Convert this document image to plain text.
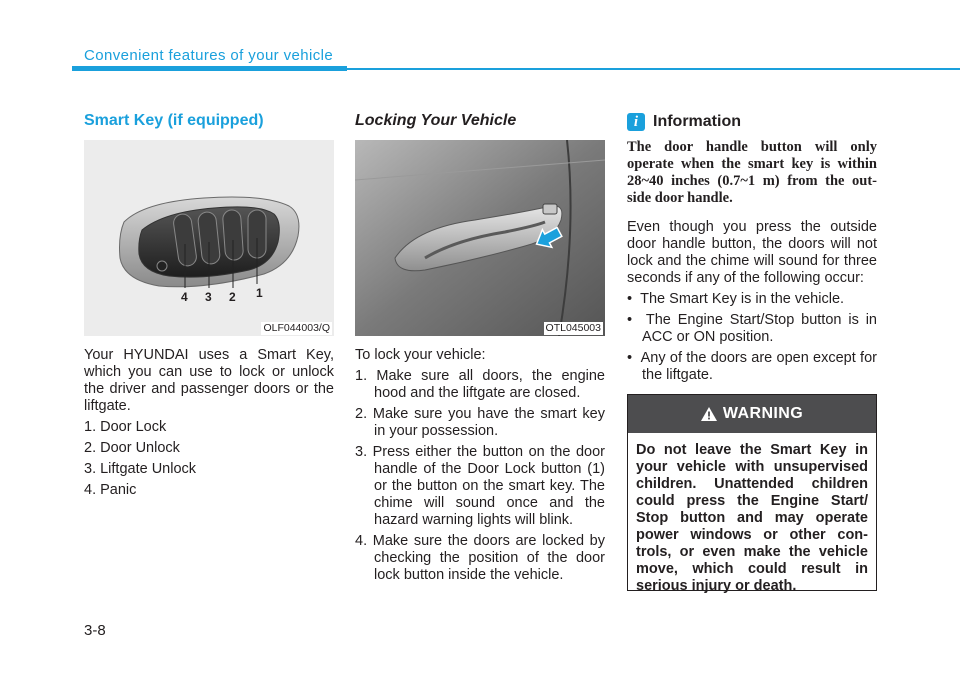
Convenient features of your vehicle
Smart Key (if equipped)
4 3 2 1
OLF044003/Q
Your HYUNDAI uses a Smart Key, which you can use to lock or unlock the driver and passenger doors or the liftgate.
1. Door Lock
2. Door Unlock
3. Liftgate Unlock
4. Panic
Locking Your Vehicle
OTL045003
To lock your vehicle:
1. Make sure all doors, the engine hood and the liftgate are closed.
2. Make sure you have the smart key in your possession.
3. Press either the button on the door handle of the Door Lock button (1) or the button on the smart key. The chime will sound once and the hazard warning lights will blink.
4. Make sure the doors are locked by checking the position of the door lock button inside the vehicle.
i Information
The door handle button will only operate when the smart key is within 28~40 inches (0.7~1 m) from the out-side door handle.
Even though you press the outside door handle button, the doors will not lock and the chime will sound for three seconds if any of the following occur:
•  The Smart Key is in the vehicle.
•  The Engine Start/Stop button is in ACC or ON position.
•  Any of the doors are open except for the liftgate.
WARNING
Do not leave the Smart Key in your vehicle with unsupervised children. Unattended children could press the Engine Start/ Stop button and may operate power windows or other con-trols, or even make the vehicle move, which could result in serious injury or death.
3-8
